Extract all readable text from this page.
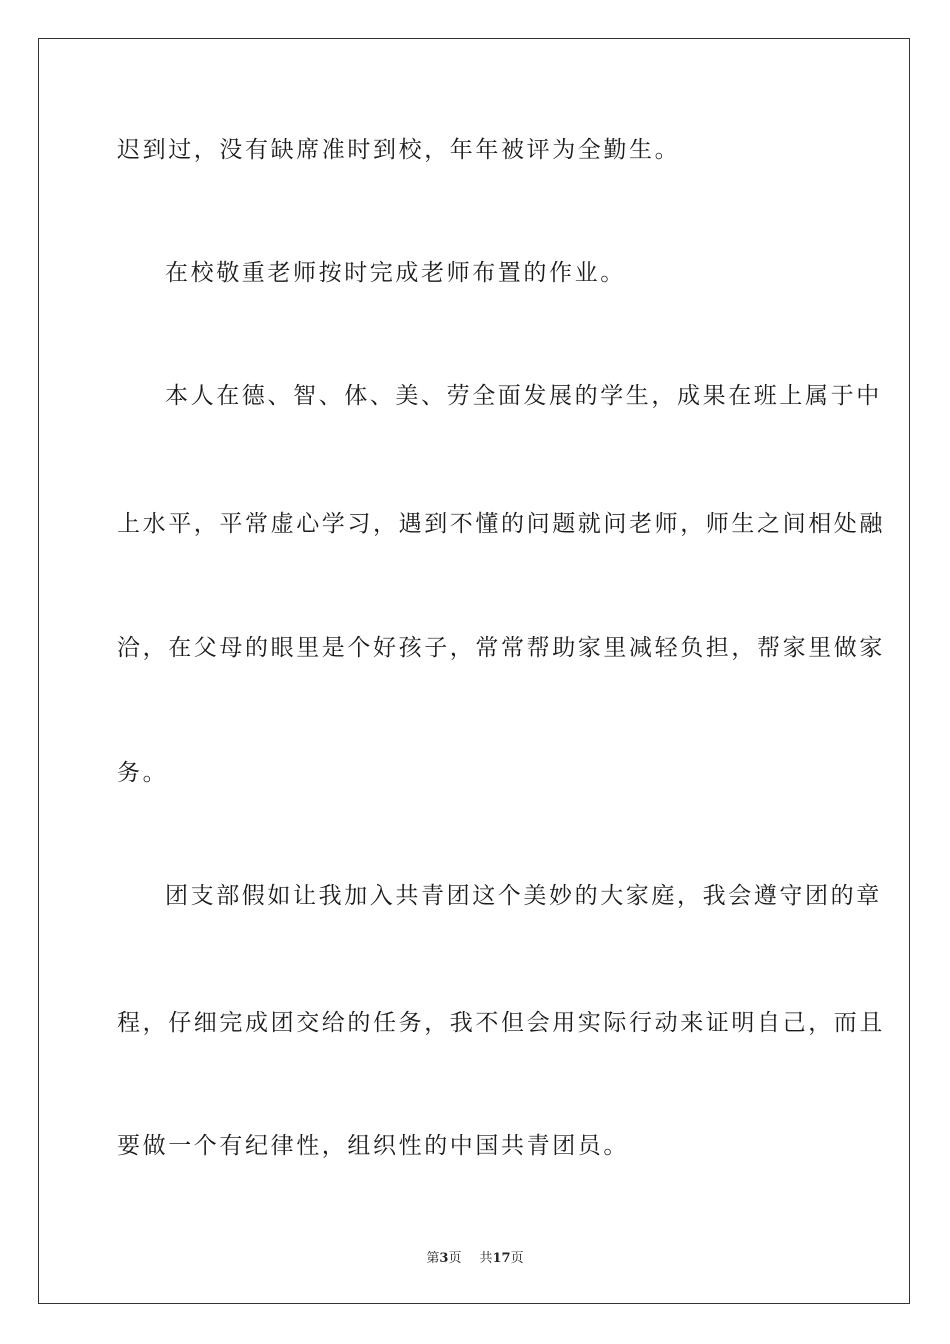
迟到过，没有缺席准时到校，年年被评为全勤生。
在校敬重老师按时完成老师布置的作业。
本人在德、智、体、美、劳全面发展的学生，成果在班上属于中
上水平，平常虚心学习，遇到不懂的问题就问老师，师生之间相处融
洽，在父母的眼里是个好孩子，常常帮助家里减轻负担，帮家里做家
务。
团支部假如让我加入共青团这个美妙的大家庭，我会遵守团的章
程，仔细完成团交给的任务，我不但会用实际行动来证明自己，而且
要做一个有纪律性，组织性的中国共青团员。
第3页 共17页
